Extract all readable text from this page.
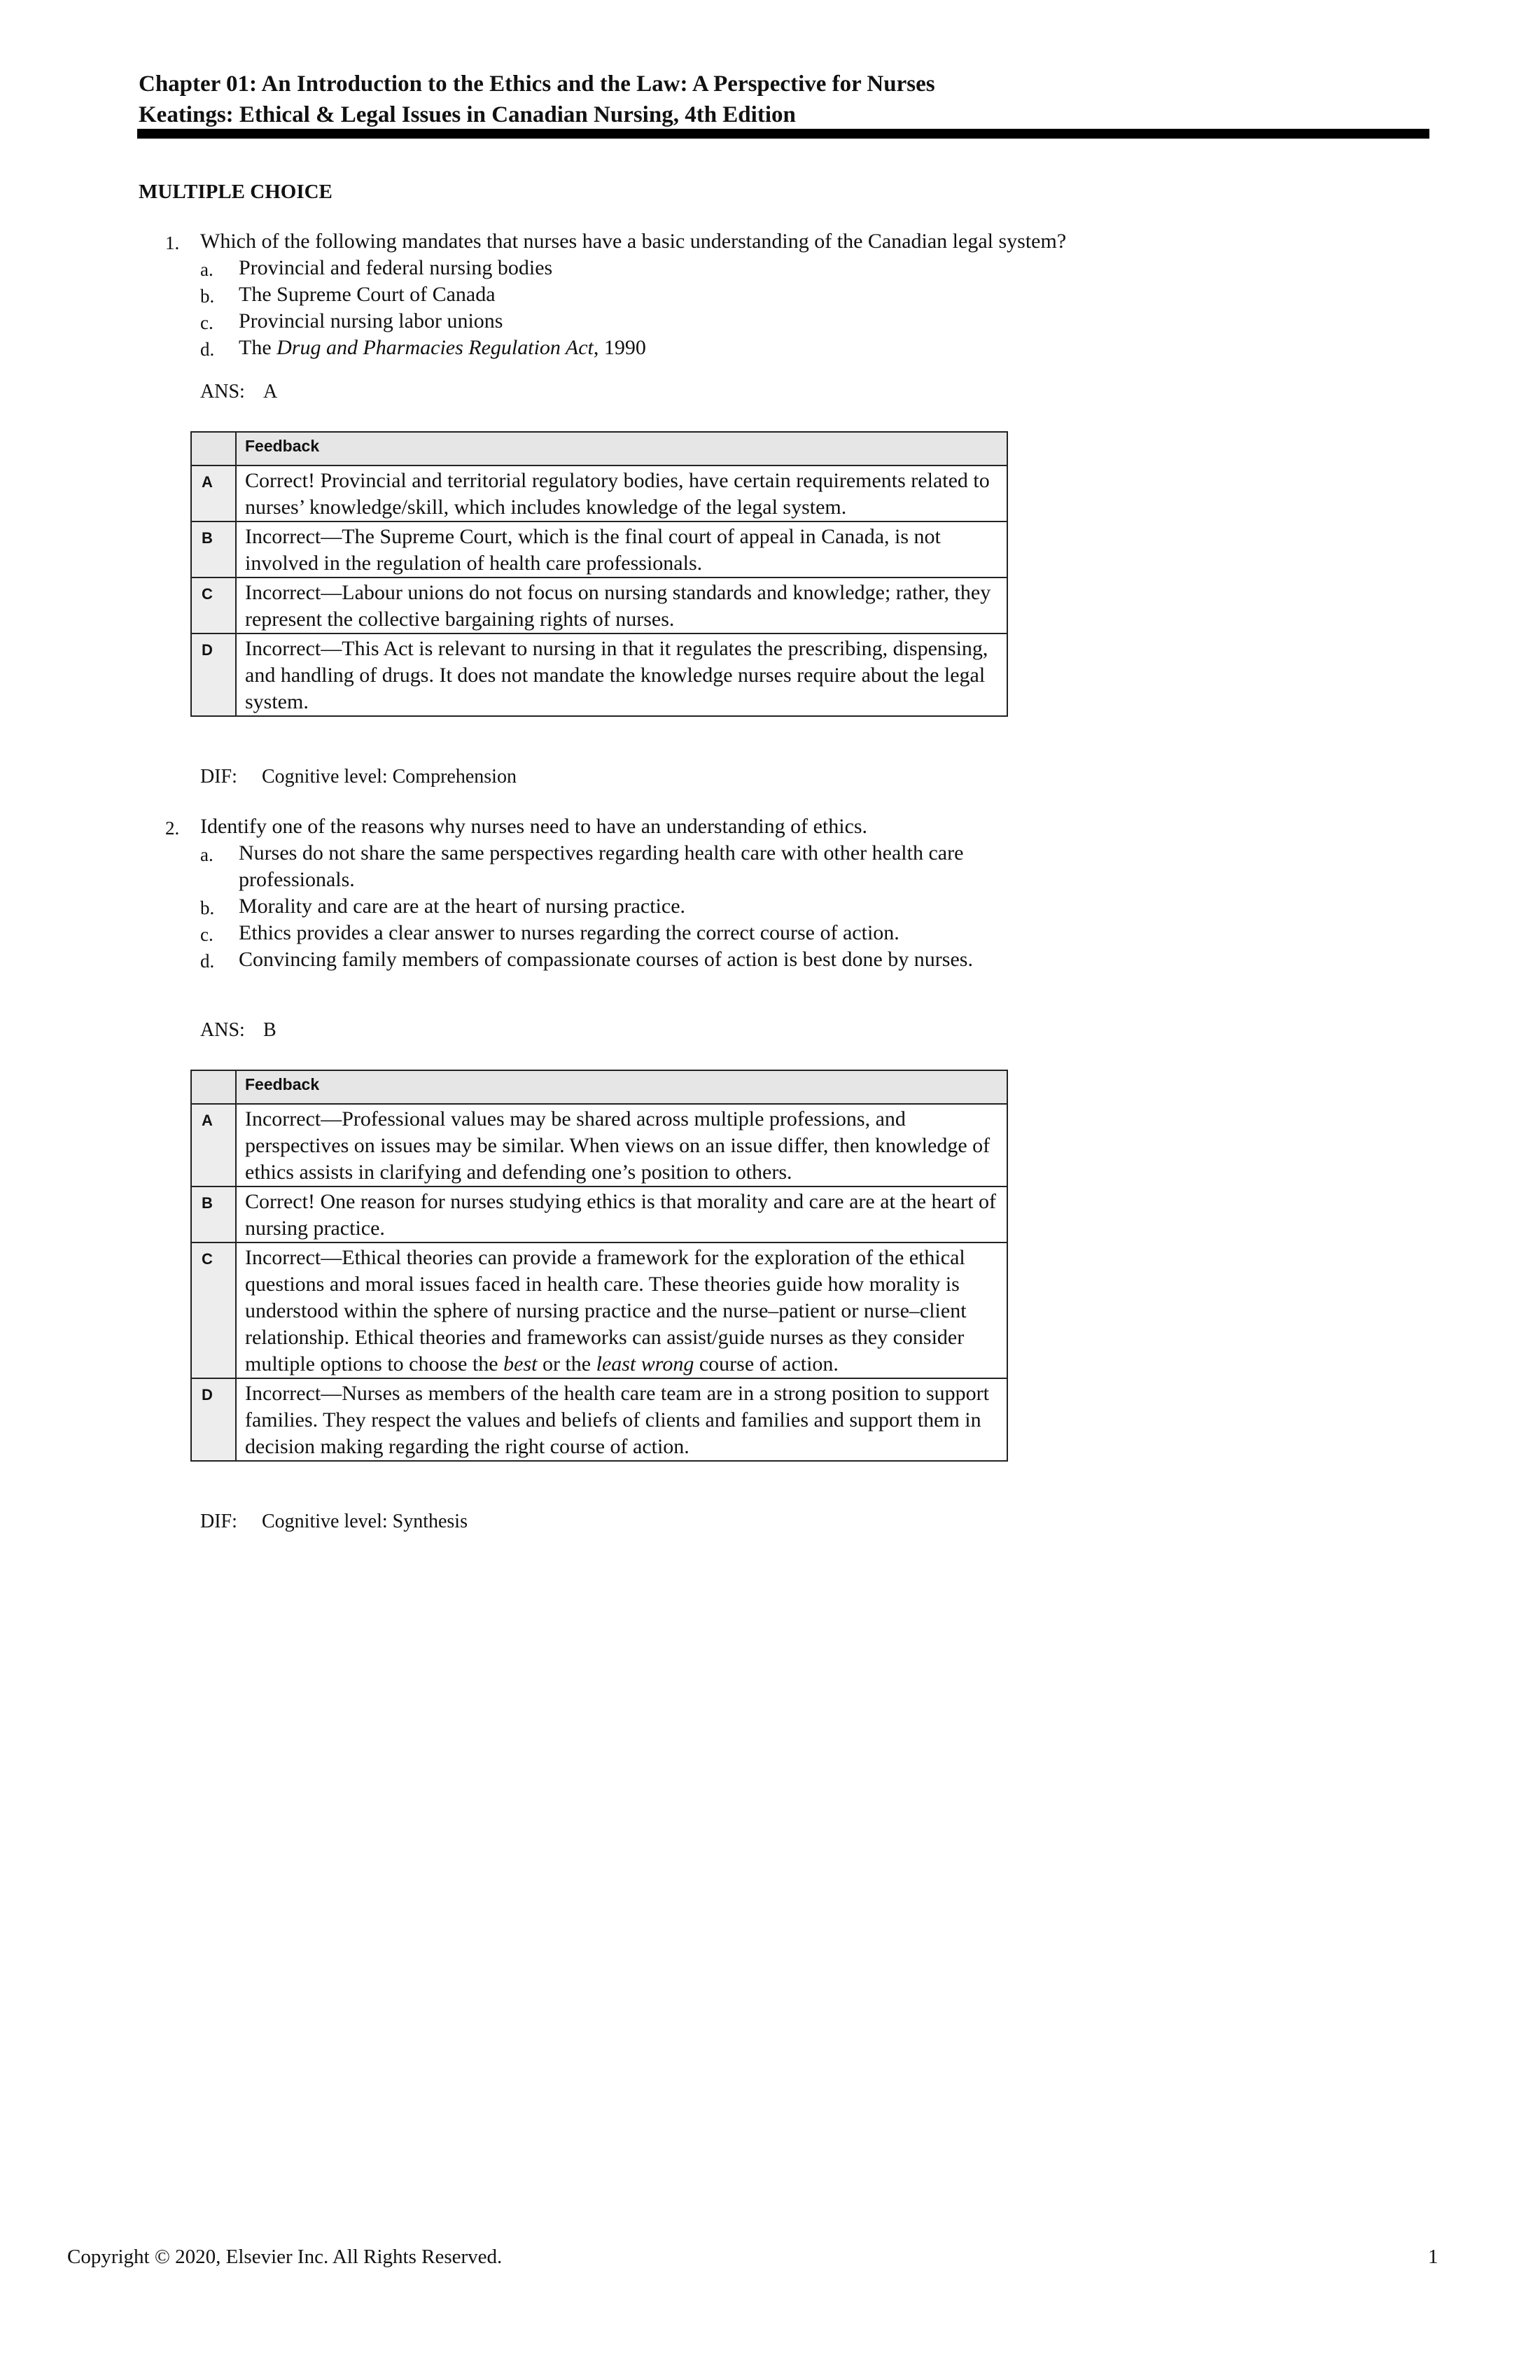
Chapter 01: An Introduction to the Ethics and the Law: A Perspective for Nurses
Keatings: Ethical & Legal Issues in Canadian Nursing, 4th Edition
MULTIPLE CHOICE
1. Which of the following mandates that nurses have a basic understanding of the Canadian legal system?
a. Provincial and federal nursing bodies
b. The Supreme Court of Canada
c. Provincial nursing labor unions
d. The Drug and Pharmacies Regulation Act, 1990
ANS: A
	Feedback
A	Correct! Provincial and territorial regulatory bodies, have certain requirements related to nurses’ knowledge/skill, which includes knowledge of the legal system.
B	Incorrect—The Supreme Court, which is the final court of appeal in Canada, is not involved in the regulation of health care professionals.
C	Incorrect—Labour unions do not focus on nursing standards and knowledge; rather, they represent the collective bargaining rights of nurses.
D	Incorrect—This Act is relevant to nursing in that it regulates the prescribing, dispensing, and handling of drugs. It does not mandate the knowledge nurses require about the legal system.
DIF: Cognitive level: Comprehension
2. Identify one of the reasons why nurses need to have an understanding of ethics.
a. Nurses do not share the same perspectives regarding health care with other health care professionals.
b. Morality and care are at the heart of nursing practice.
c. Ethics provides a clear answer to nurses regarding the correct course of action.
d. Convincing family members of compassionate courses of action is best done by nurses.
ANS: B
	Feedback
A	Incorrect—Professional values may be shared across multiple professions, and perspectives on issues may be similar. When views on an issue differ, then knowledge of ethics assists in clarifying and defending one’s position to others.
B	Correct! One reason for nurses studying ethics is that morality and care are at the heart of nursing practice.
C	Incorrect—Ethical theories can provide a framework for the exploration of the ethical questions and moral issues faced in health care. These theories guide how morality is understood within the sphere of nursing practice and the nurse–patient or nurse–client relationship. Ethical theories and frameworks can assist/guide nurses as they consider multiple options to choose the best or the least wrong course of action.
D	Incorrect—Nurses as members of the health care team are in a strong position to support families. They respect the values and beliefs of clients and families and support them in decision making regarding the right course of action.
DIF: Cognitive level: Synthesis
Copyright © 2020, Elsevier Inc. All Rights Reserved.	1
